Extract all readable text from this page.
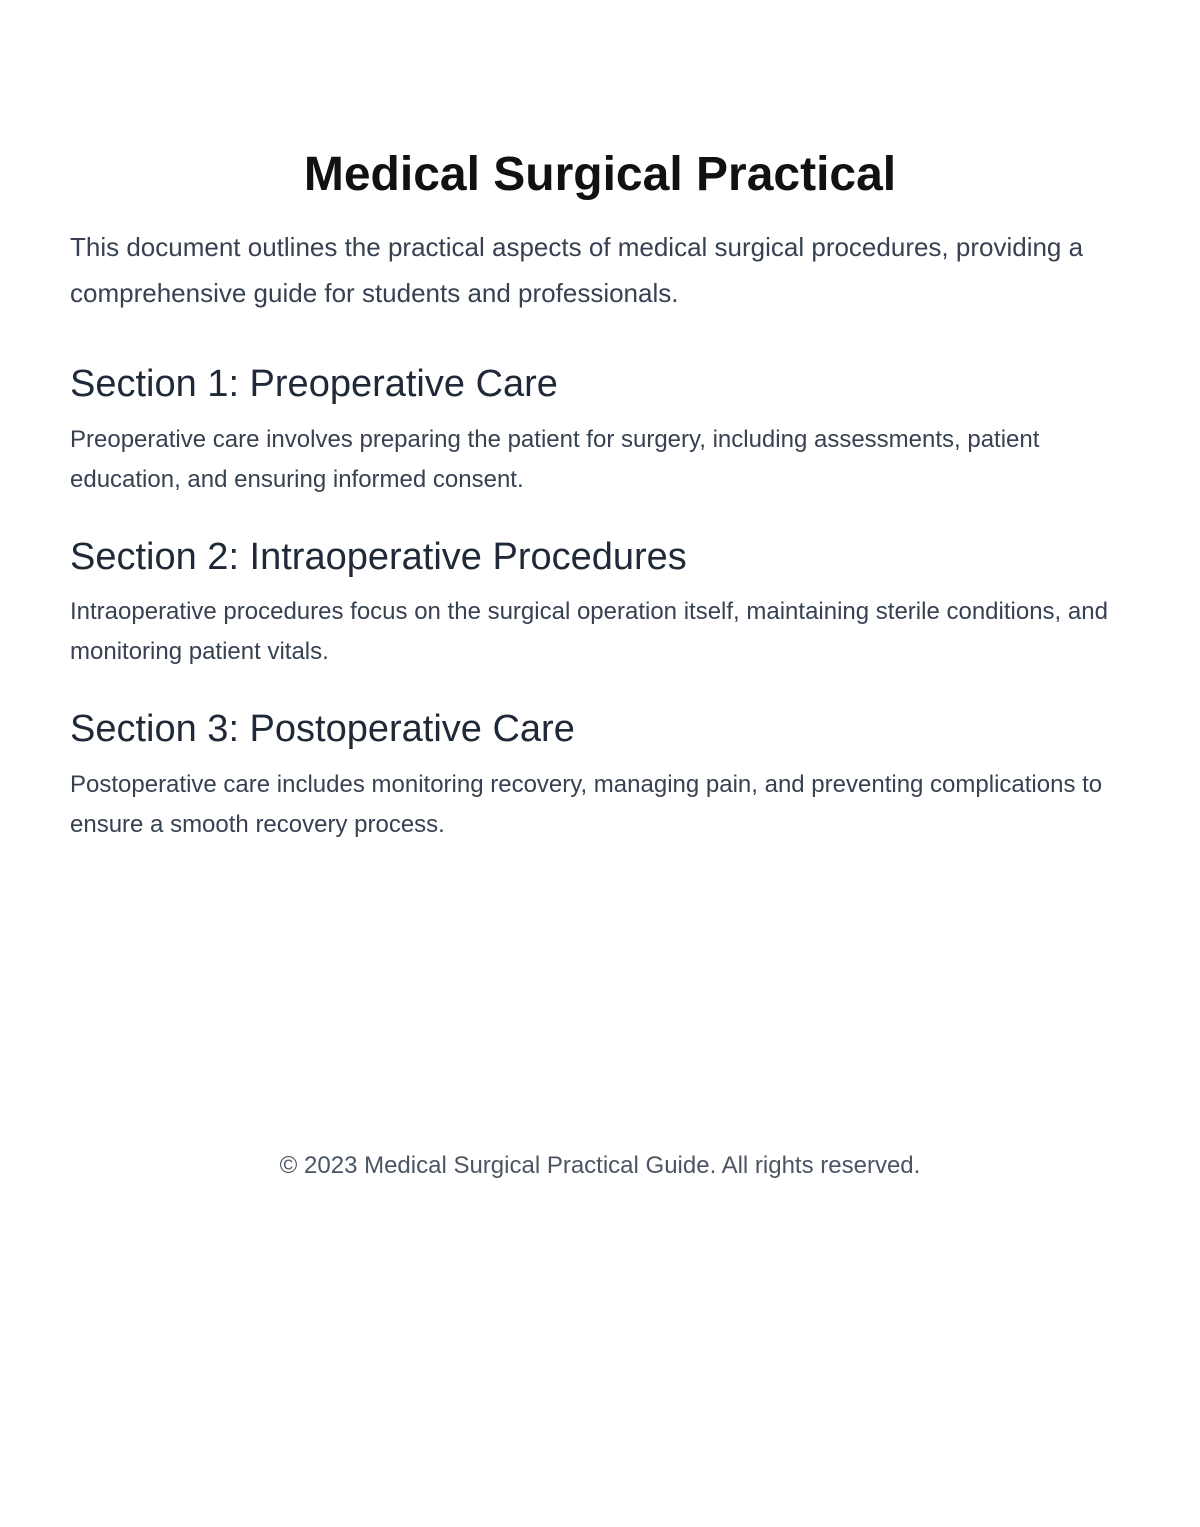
Medical Surgical Practical

This document outlines the practical aspects of medical surgical procedures, providing a comprehensive guide for students and professionals.

Section 1: Preoperative Care

Preoperative care involves preparing the patient for surgery, including assessments, patient education, and ensuring informed consent.

Section 2: Intraoperative Procedures

Intraoperative procedures focus on the surgical operation itself, maintaining sterile conditions, and monitoring patient vitals.

Section 3: Postoperative Care

Postoperative care includes monitoring recovery, managing pain, and preventing complications to ensure a smooth recovery process.

© 2023 Medical Surgical Practical Guide. All rights reserved.
